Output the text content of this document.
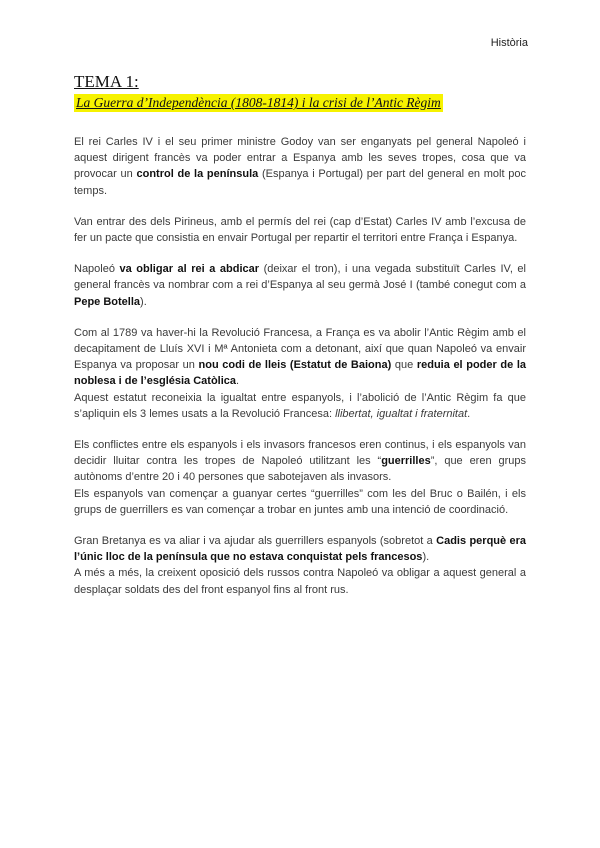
Història
TEMA 1:
La Guerra d’Independència (1808-1814) i la crisi de l’Antic Règim

El rei Carles IV i el seu primer ministre Godoy van ser enganyats pel general Napoleó i aquest dirigent francès va poder entrar a Espanya amb les seves tropes, cosa que va provocar un control de la península (Espanya i Portugal) per part del general en molt poc temps.

Van entrar des dels Pirineus, amb el permís del rei (cap d’Estat) Carles IV amb l’excusa de fer un pacte que consistia en envair Portugal per repartir el territori entre França i Espanya.

Napoleó va obligar al rei a abdicar (deixar el tron), i una vegada substituït Carles IV, el general francès va nombrar com a rei d’Espanya al seu germà José I (també conegut com a Pepe Botella).

Com al 1789 va haver-hi la Revolució Francesa, a França es va abolir l’Antic Règim amb el decapitament de Lluís XVI i Mª Antonieta com a detonant, així que quan Napoleó va envair Espanya va proposar un nou codi de lleis (Estatut de Baiona) que reduia el poder de la noblesa i de l’església Catòlica.
Aquest estatut reconeixia la igualtat entre espanyols, i l’abolició de l’Antic Règim fa que s’apliquin els 3 lemes usats a la Revolució Francesa: llibertat, igualtat i fraternitat.

Els conflictes entre els espanyols i els invasors francesos eren continus, i els espanyols van decidir lluitar contra les tropes de Napoleó utilitzant les “guerrilles”, que eren grups autònoms d’entre 20 i 40 persones que sabotejaven als invasors.
Els espanyols van començar a guanyar certes “guerrilles” com les del Bruc o Bailén, i els grups de guerrillers es van començar a trobar en juntes amb una intenció de coordinació.

Gran Bretanya es va aliar i va ajudar als guerrillers espanyols (sobretot a Cadis perquè era l’únic lloc de la península que no estava conquistat pels francesos).
A més a més, la creixent oposició dels russos contra Napoleó va obligar a aquest general a desplaçar soldats des del front espanyol fins al front rus.
